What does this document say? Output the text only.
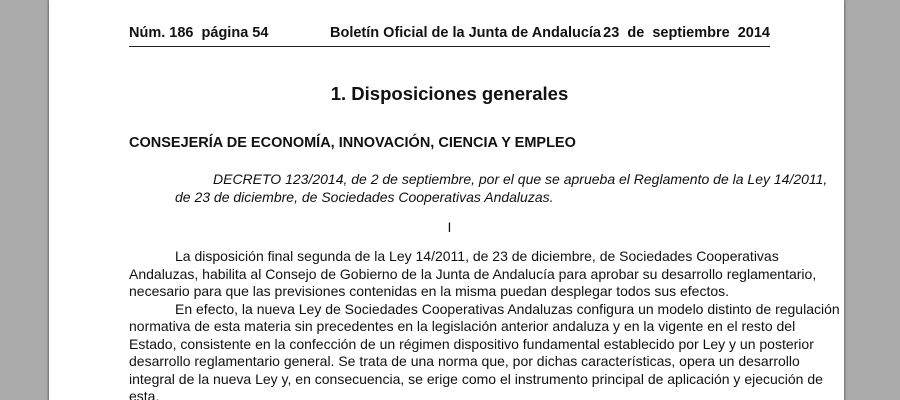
Núm. 186  página 54	Boletín Oficial de la Junta de Andalucía 23  de  septiembre  2014
1. Disposiciones generales
CONSEJERÍA DE ECONOMÍA, INNOVACIÓN, CIENCIA Y EMPLEO
DECRETO 123/2014, de 2 de septiembre, por el que se aprueba el Reglamento de la Ley 14/2011,
de 23 de diciembre, de Sociedades Cooperativas Andaluzas.
I
La disposición final segunda de la Ley 14/2011, de 23 de diciembre, de Sociedades Cooperativas
Andaluzas, habilita al Consejo de Gobierno de la Junta de Andalucía para aprobar su desarrollo reglamentario,
necesario para que las previsiones contenidas en la misma puedan desplegar todos sus efectos.
En efecto, la nueva Ley de Sociedades Cooperativas Andaluzas configura un modelo distinto de regulación
normativa de esta materia sin precedentes en la legislación anterior andaluza y en la vigente en el resto del
Estado, consistente en la confección de un régimen dispositivo fundamental establecido por Ley y un posterior
desarrollo reglamentario general. Se trata de una norma que, por dichas características, opera un desarrollo
integral de la nueva Ley y, en consecuencia, se erige como el instrumento principal de aplicación y ejecución de
esta.
